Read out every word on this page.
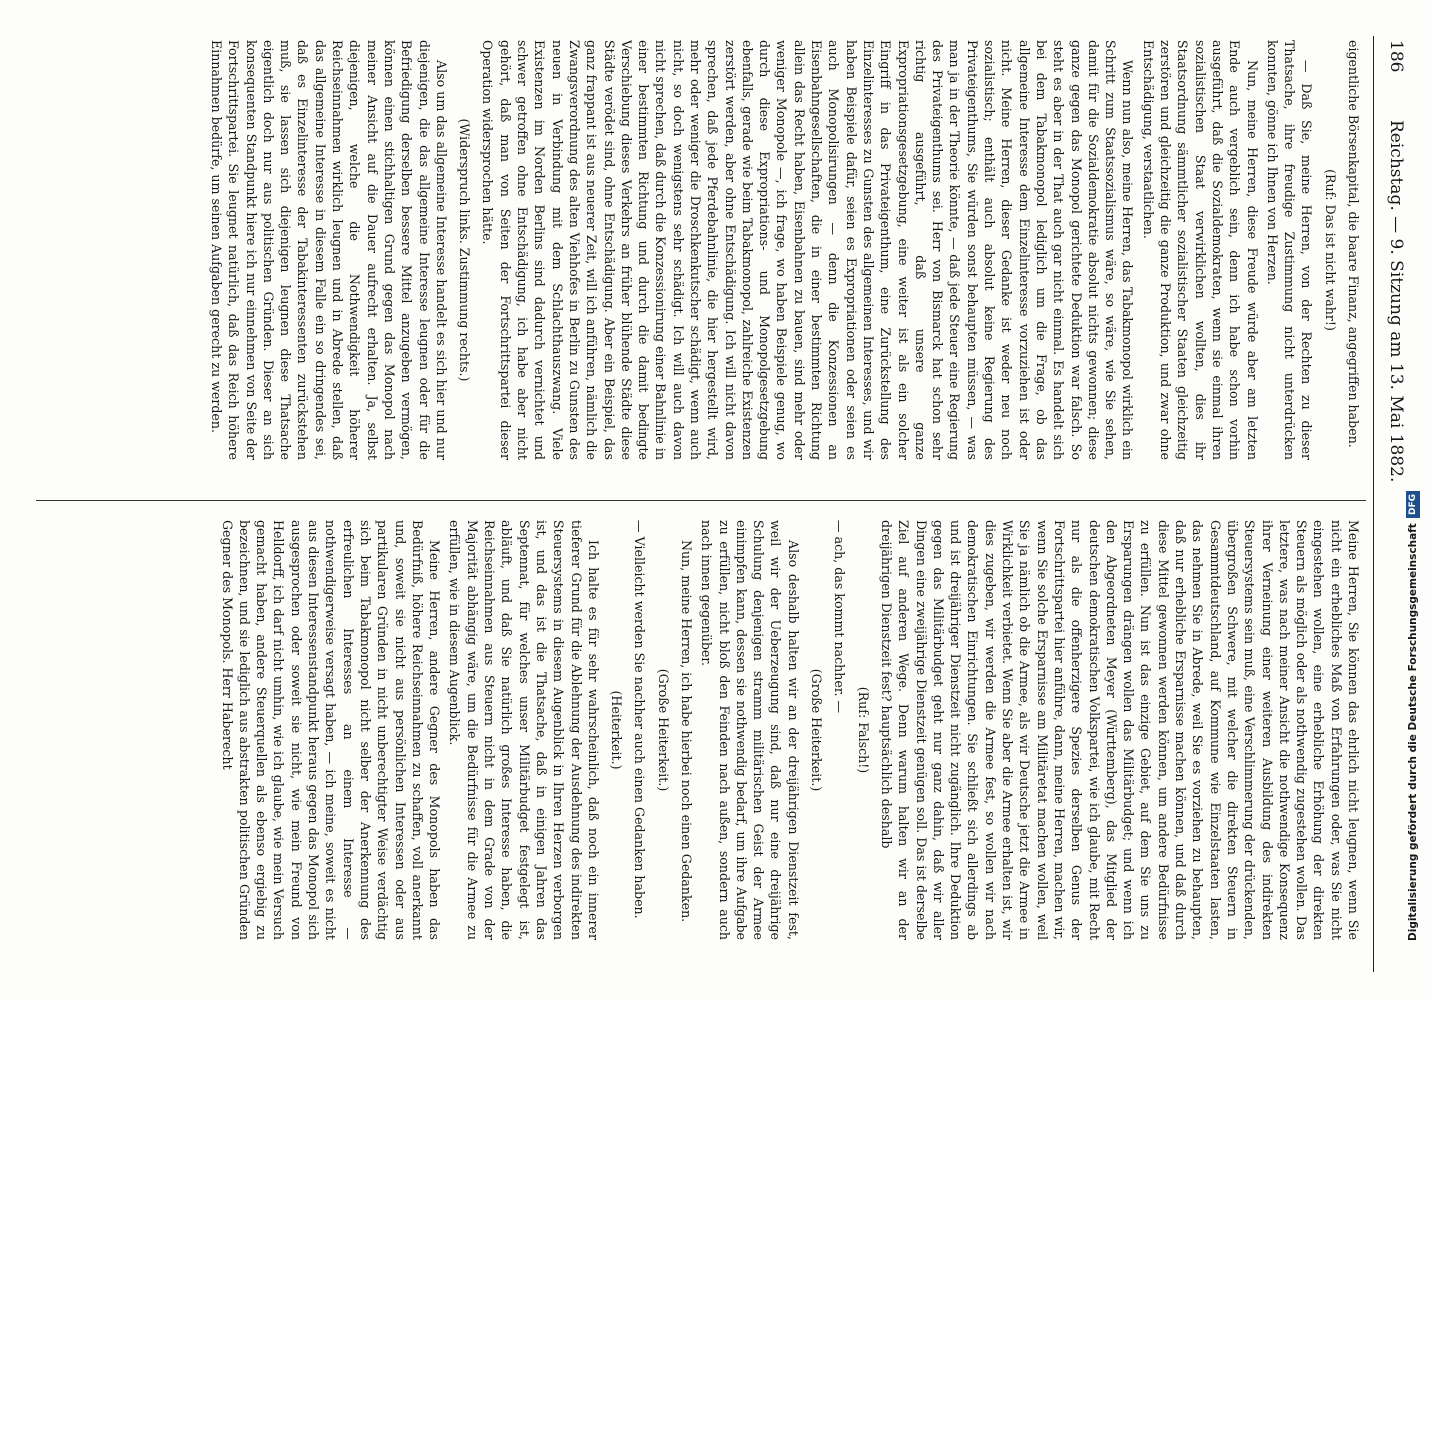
186
Reichstag. — 9. Sitzung am 13. Mai 1882.

eigentliche Börsenkapital, die baare Finanz, angegriffen haben.

(Ruf: Das ist nicht wahr!)

— Daß Sie, meine Herren, von der Rechten zu dieser Thatsache, ihre freudige Zustimmung nicht unterdrücken konnten, gönne ich Ihnen von Herzen.

Nun, meine Herren, diese Freude würde aber am letzten Ende auch vergeblich sein, denn ich habe schon vorhin ausgeführt, daß die Sozialdemokraten, wenn sie einmal ihren sozialistischen Staat verwirklichen wollten, dies ihr Staatsordnung sämmtlicher sozialistischer Staaten gleichzeitig zerstören und gleichzeitig die ganze Produktion, und zwar ohne Entschädigung, verstaatlichen.

Wenn nun also, meine Herren, das Tabakmonopol wirklich ein Schritt zum Staatssozialismus wäre, so wäre, wie Sie sehen, damit für die Sozialdemokratie absolut nichts gewonnen; diese ganze gegen das Monopol gerichtete Deduktion war falsch. So steht es aber in der That auch gar nicht einmal. Es handelt sich bei dem Tabakmonopol lediglich um die Frage, ob das allgemeine Interesse dem Einzelinteresse vorzuziehen ist oder nicht. Meine Herren, dieser Gedanke ist weder neu noch sozialistisch; enthält auch absolut keine Regierung des Privateigenthums, Sie würden sonst behaupten müssen, — was man ja in der Theorie könnte, — daß jede Steuer eine Regierung des Privateigenthums sei. Herr von Bismarck hat schon sehr richtig ausgeführt, daß unsere ganze Expropriationsgesetzgebung, eine weiter ist als ein solcher Eingriff in das Privateigenthum, eine Zurückstellung des Einzelinteresses zu Gunsten des allgemeinen Interesses, und wir haben Beispiele dafür, seien es Expropriationen oder seien es auch Monopolisirungen — denn die Konzessionen an Eisenbahngesellschaften, die in einer bestimmten Richtung allein das Recht haben, Eisenbahnen zu bauen, sind mehr oder weniger Monopole —, ich frage, wo haben Beispiele genug, wo durch diese Expropriations- und Monopolgesetzgebung ebenfalls, gerade wie beim Tabakmonopol, zahlreiche Existenzen zerstört werden, aber ohne Entschädigung. Ich will nicht davon sprechen, daß jede Pferdebahnlinie, die hier hergestellt wird, mehr oder weniger die Droschkenkutscher schädigt, wenn auch nicht, so doch wenigstens sehr schädigt. Ich will auch davon nicht sprechen, daß durch die Konzessionirung einer Bahnlinie in einer bestimmten Richtung und durch die damit bedingte Verschiebung dieses Verkehrs an früher blühende Städte diese Städte verödet sind, ohne Entschädigung. Aber ein Beispiel, das ganz frappant ist aus neuerer Zeit, will ich anführen, nämlich die Zwangsverordnung des alten Viehhofes in Berlin zu Gunsten des neuen in Verbindung mit dem Schlachthauszwang. Viele Existenzen im Norden Berlins sind dadurch vernichtet und schwer getroffen ohne Entschädigung, ich habe aber nicht gehört, daß man von Seiten der Fortschrittspartei dieser Operation widersprochen hätte.

(Widerspruch links. Zustimmung rechts.)

Also um das allgemeine Interesse handelt es sich hier und nur diejenigen, die das allgemeine Interesse leugnen oder für die Befriedigung derselben bessere Mittel anzugeben vermögen, können einen stichhaltigen Grund gegen das Monopol nach meiner Ansicht auf die Dauer aufrecht erhalten. Ja, selbst diejenigen, welche die Nothwendigkeit höherer Reichseinnahmen wirklich leugnen und in Abrede stellen, daß das allgemeine Interesse in diesem Falle ein so dringendes sei, daß es Einzelinteresse der Tabakinteressenten zurückstehen muß, sie lassen sich diejenigen leugnen diese Thatsache eigentlich doch nur aus politischen Gründen. Dieser an sich konsequenten Standpunkt hiere ich nur einnehmen von Seite der Fortschrittspartei. Sie leugnet natürlich, daß das Reich höhere Einnahmen bedürfe, um seinen Aufgaben gerecht zu werden.

Meine Herren, Sie können das ehrlich nicht leugnen, wenn Sie nicht ein erhebliches Maß von Erfahrungen oder, was Sie nicht eingestehen wollen, eine erhebliche Erhöhung der direkten Steuern als möglich oder als nothwendig zugestehen wollen. Das letztere, was nach meiner Ansicht die nothwendige Konsequenz ihrer Verneinung einer weiteren Ausbildung des indirekten Steuersystems sein muß, eine Verschlimmerung der drückenden, übergroßen Schwere, mit welcher die direkten Steuern in Gesammtdeutschland, auf Kommune wie Einzelstaaten lasten, das nehmen Sie in Abrede, weil Sie es vorziehen zu behaupten, daß nur erhebliche Ersparnisse machen können, und daß durch diese Mittel gewonnen werden können, um andere Bedürfnisse zu erfüllen. Nun ist das einzige Gebiet, auf dem Sie uns zu Ersparungen drängen wollen das Militärbudget; und wenn ich den Abgeordneten Meyer (Württemberg), das Mitglied der deutschen demokratischen Volkspartei, wie ich glaube, mit Recht nur als die offenherzigere Spezies derselben Genus der Fortschrittspartei hier anführe, dann, meine Herren, machen wir, wenn Sie solche Ersparnisse am Militäretat machen wollen, weil Sie ja nämlich ob die Armee, als wir Deutsche jetzt die Armee in Wirklichkeit verbietet. Wenn Sie aber die Armee erhalten ist, wir dies zugeben, wir werden die Armee fest, so wollen wir nach demokratischen Einrichtungen. Sie schließt sich allerdings ab und ist dreijähriger Dienstzeit nicht zugänglich. Ihre Deduktion gegen das Militärbudget geht nur ganz dahin, daß wir aller Dingen eine zweijährige Dienstzeit genügen soll. Das ist derselbe Ziel auf anderen Wege. Denn warum halten wir an der dreijährigen Dienstzeit fest? hauptsächlich deshalb

(Ruf: Falsch!)

— ach, das kommt nachher. —

(Große Heiterkeit.)

Also deshalb halten wir an der dreijährigen Dienstzeit fest, weil wir der Ueberzeugung sind, daß nur eine dreijährige Schulung denjenigen stramm militärischen Geist der Armee einimpfen kann, dessen sie nothwendig bedarf, um ihre Aufgabe zu erfüllen, nicht bloß den Feinden nach außen, sondern auch nach innen gegenüber.

Nun, meine Herren, ich habe hierbei noch einen Gedanken.

(Große Heiterkeit.)

— Vielleicht werden Sie nachher auch einen Gedanken haben.

(Heiterkeit.)

Ich halte es für sehr wahrscheinlich, daß noch ein innerer tieferer Grund für die Ablehnung der Ausdehnung des indirekten Steuersystems in diesem Augenblick in Ihren Herzen verborgen ist, und das ist die Thatsache, daß in einigen Jahren das Septennat, für welches unser Militärbudget festgelegt ist, abläuft, und daß Sie natürlich großes Interesse haben, die Reichseinnahmen aus Steuern nicht in dem Grade von der Majorität abhängig wäre, um die Bedürfnisse für die Armee zu erfüllen, wie in diesem Augenblick.

Meine Herren, andere Gegner des Monopols haben das Bedürfniß, höhere Reichseinnahmen zu schaffen, voll anerkannt und, soweit sie nicht aus persönlichen Interessen oder aus partikularen Gründen in nicht unberechtigter Weise verdächtig sich beim Tabakmonopol nicht selber der Anerkennung des erfreulichen Interesses an einem Interesse — nothwendigerweise versagt haben, — ich meine, soweit es nicht aus diesen Interessenstandpunkt heraus gegen das Monopol sich ausgesprochen oder soweit sie nicht, wie mein Freund von Helldorff, ich darf nicht umhin, wie ich glaube, wie mein Versuch gemacht haben, andere Steuerquellen als ebenso ergiebig zu bezeichnen, und sie lediglich aus abstrakten politischen Gründen Gegner des Monopols. Herr Haberecht	Digitalisierung gefördert durch die Deutsche Forschungsgemeinschaft
DFG
